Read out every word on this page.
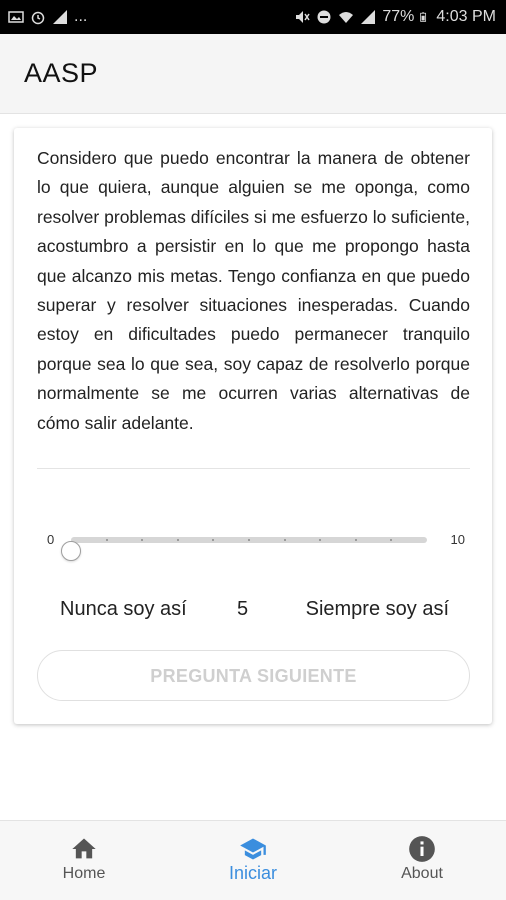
...	77% 4:03 PM
AASP

Considero que puedo encontrar la manera de obtener lo que quiera, aunque alguien se me oponga, como resolver problemas difíciles si me esfuerzo lo suficiente, acostumbro a persistir en lo que me propongo hasta que alcanzo mis metas. Tengo confianza en que puedo superar y resolver situaciones inesperadas. Cuando estoy en dificultades puedo permanecer tranquilo porque sea lo que sea, soy capaz de resolverlo porque normalmente se me ocurren varias alternativas de cómo salir adelante.

0	10
Nunca soy así	5	Siempre soy así
PREGUNTA SIGUIENTE
Home	Iniciar	About
